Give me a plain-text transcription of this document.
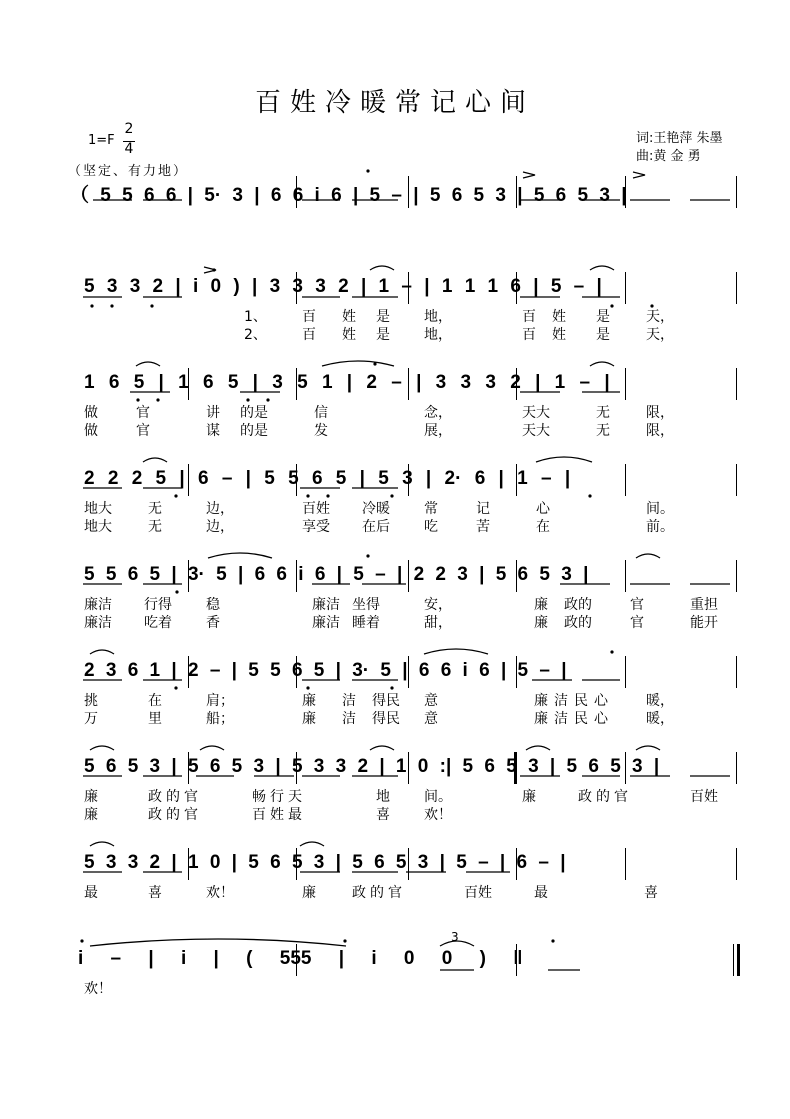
百姓冷暖常记心间
1=F
2
4
（坚定、有力地）
词:王艳萍 朱墨
曲:黄 金 勇
（ 5 5 6 6 | 5· 3 | 6 6 i 6 | 5 – | 5 6 5 3 | 5 6 5 3 |
5 3 3 2 | i 0 ) | 3 3 3 2 | 1 – | 1 1 1 6 | 5 – |
1 6 5 | 1 6 5 | 3 5 1 | 2 – | 3 3 3 2 | 1 – |
2 2 2 5 | 6 – | 5 5 6 5 | 5 3 | 2· 6 | 1 – |
5 5 6 5 | 3· 5 | 6 6 i 6 | 5 – | 2 2 3 | 5 6 5 3 |
2 3 6 1 | 2 – | 5 5 6 5 | 3· 5 | 6 6 i 6 | 5 – |
5 6 5 3 | 5 6 5 3 | 5 3 3 2 | 1 0 :| 5 6 5 3 | 5 6 5 3 |
5 3 3 2 | 1 0 | 5 6 5 3 | 5 6 5 3 | 5 – | 6 – |
i – | i | ( 555 | i 0 0 ) ‖
3
1、	百 姓 是 地，	百 姓 是	天，
2、	百 姓 是 地，	百 姓 是	天，
做	官	讲 的是	信	念，	天大	无	限，
做	官	谋 的是	发	展，	天大	无	限，
地大	无	边，	百姓 冷暖 常	记	心	间。
地大	无	边，	享受 在后 吃	苦	在	前。
廉洁 行得 稳	廉洁 坐得	安，	廉 政的	官	重担
廉洁 吃着 香	廉洁 睡着	甜，	廉 政的	官	能开
挑	在	肩；	廉 洁 得民 意	廉洁民心 暖，
万	里	船；	廉 洁 得民 意	廉洁民心 暖，
廉	政的官	畅行天	地 间。	廉	政的官	百姓
廉	政的官	百姓最	喜 欢！
最	喜	欢！	廉	政的官	百姓	最	喜
欢！
